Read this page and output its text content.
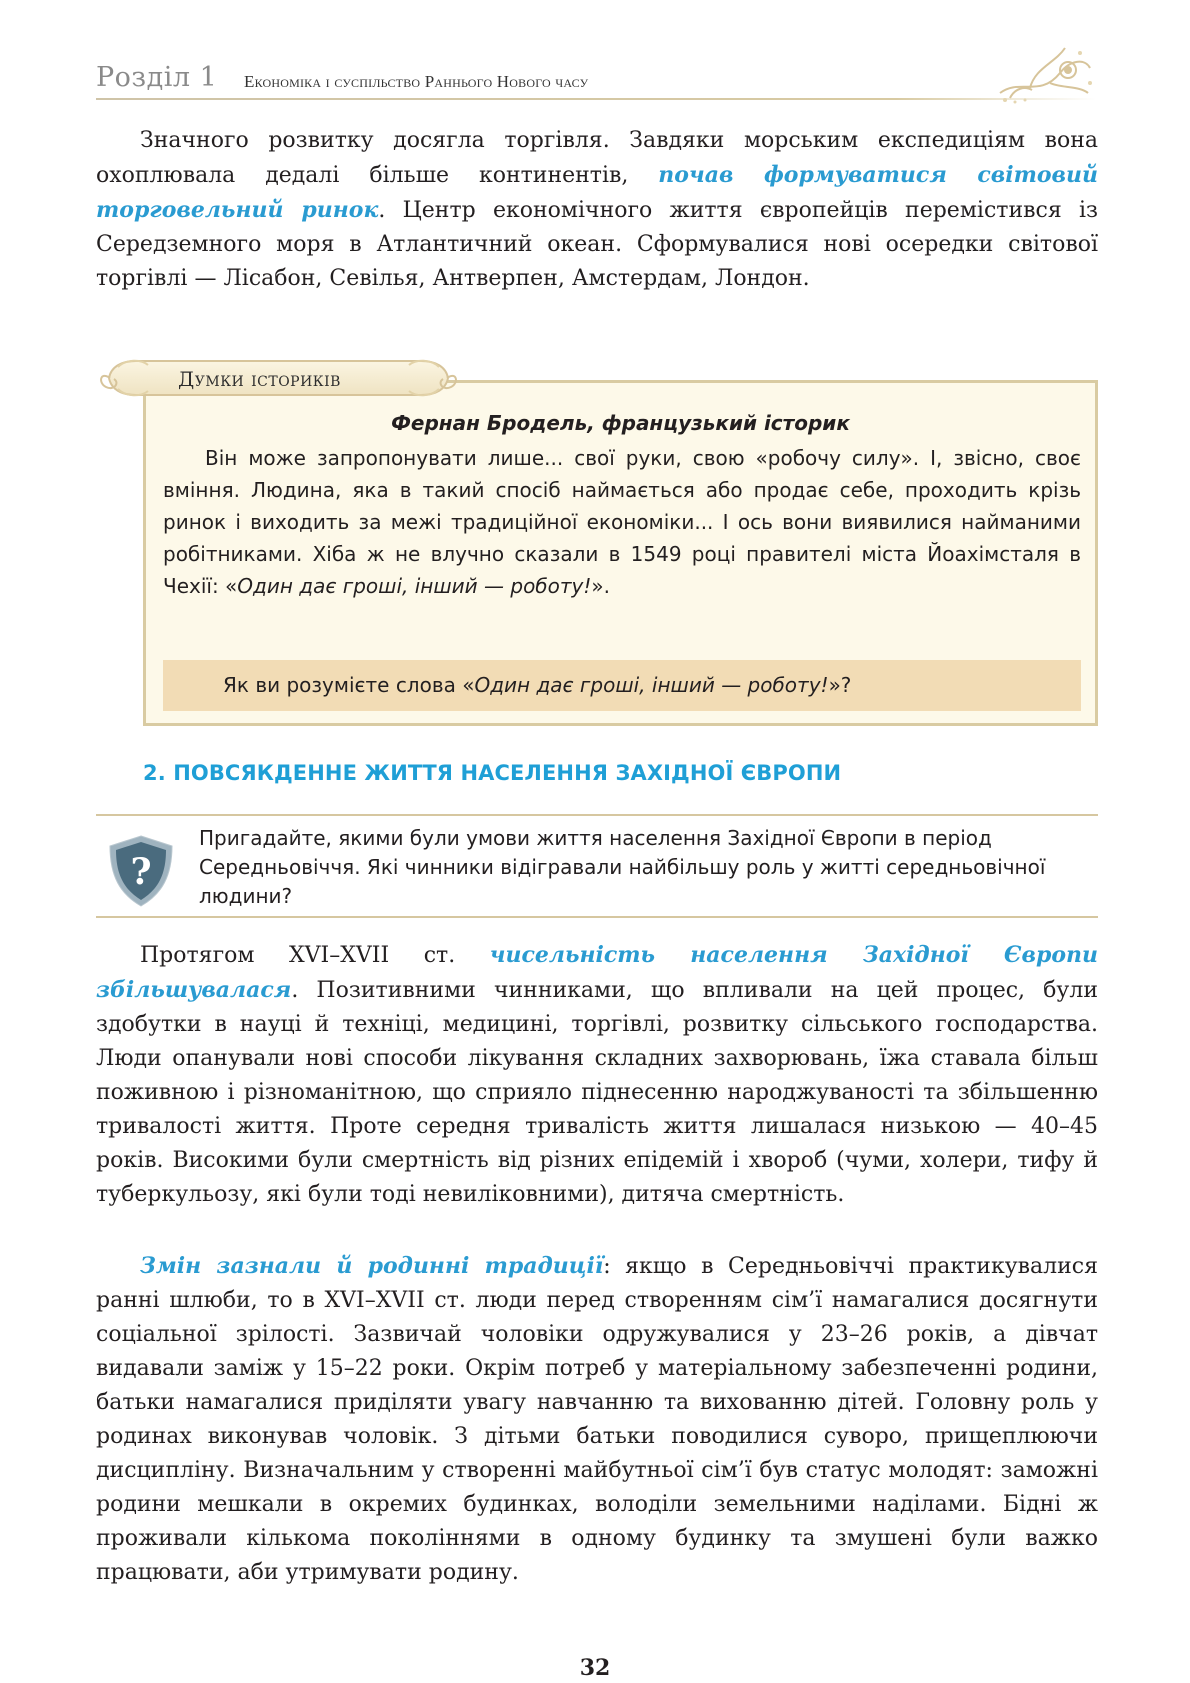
Розділ 1 Економіка і суспільство Раннього Нового часу
Значного розвитку досягла торгівля. Завдяки морським експедиціям вона охоплювала дедалі більше континентів, почав формуватися світовий торговельний ринок. Центр економічного життя європейців перемістився із Середземного моря в Атлантичний океан. Сформувалися нові осередки світової торгівлі — Лісабон, Севілья, Антверпен, Амстердам, Лондон.
Фернан Бродель, французький історик
Він може запропонувати лише... свої руки, свою «робочу силу». І, звісно, своє вміння. Людина, яка в такий спосіб наймається або продає себе, проходить крізь ринок і виходить за межі традиційної економіки... І ось вони виявилися найманими робітниками. Хіба ж не влучно сказали в 1549 році правителі міста Йоахімсталя в Чехії: «Один дає гроші, інший — роботу!».
Як ви розумієте слова «Один дає гроші, інший — роботу!»?
Думки істориків
2. ПОВСЯКДЕННЕ ЖИТТЯ НАСЕЛЕННЯ ЗАХІДНОЇ ЄВРОПИ
?
Пригадайте, якими були умови життя населення Західної Європи в період Середньовіччя. Які чинники відігравали найбільшу роль у житті середньовічної людини?
Протягом XVI–XVII ст. чисельність населення Західної Європи збільшувалася. Позитивними чинниками, що впливали на цей процес, були здобутки в науці й техніці, медицині, торгівлі, розвитку сільського господарства. Люди опанували нові способи лікування складних захворювань, їжа ставала більш поживною і різноманітною, що сприяло піднесенню народжуваності та збільшенню тривалості життя. Проте середня тривалість життя лишалася низькою — 40–45 років. Високими були смертність від різних епідемій і хвороб (чуми, холери, тифу й туберкульозу, які були тоді невиліковними), дитяча смертність.
Змін зазнали й родинні традиції: якщо в Середньовіччі практикувалися ранні шлюби, то в XVI–XVII ст. люди перед створенням сім’ї намагалися досягнути соціальної зрілості. Зазвичай чоловіки одружувалися у 23–26 років, а дівчат видавали заміж у 15–22 роки. Окрім потреб у матеріальному забезпеченні родини, батьки намагалися приділяти увагу навчанню та вихованню дітей. Головну роль у родинах виконував чоловік. З дітьми батьки поводилися суворо, прищеплюючи дисципліну. Визначальним у створенні майбутньої сім’ї був статус молодят: заможні родини мешкали в окремих будинках, володіли земельними наділами. Бідні ж проживали кількома поколіннями в одному будинку та змушені були важко працювати, аби утримувати родину.
32
